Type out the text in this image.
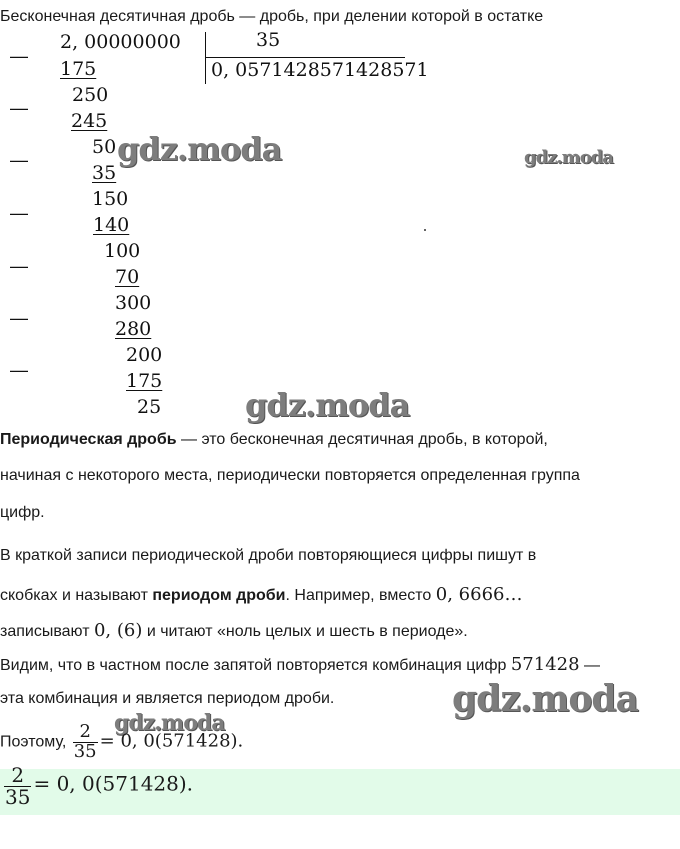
Бесконечная десятичная дробь — дробь, при делении которой в остатке
2, 00000000	35
0, 0571428571428571
—
—
—
—
—
—
—
175
250
245
50
35
150
140
100
70
300
280
200
175
25
gdz.moda	gdz.moda
gdz.moda
gdz.moda
gdz.moda
Периодическая дробь — это бесконечная десятичная дробь, в которой,
начиная с некоторого места, периодически повторяется определенная группа
цифр.
В краткой записи периодической дроби повторяющиеся цифры пишут в
скобках и называют периодом дроби. Например, вместо 0, 6666…
записывают 0, (6) и читают «ноль целых и шесть в периоде».
Видим, что в частном после запятой повторяется комбинация цифр 571428 —
эта комбинация и является периодом дроби.
Поэтому, $\frac{2}{35} = 0$, 0(571428).
$\frac{2}{35} = 0$, 0(571428).
